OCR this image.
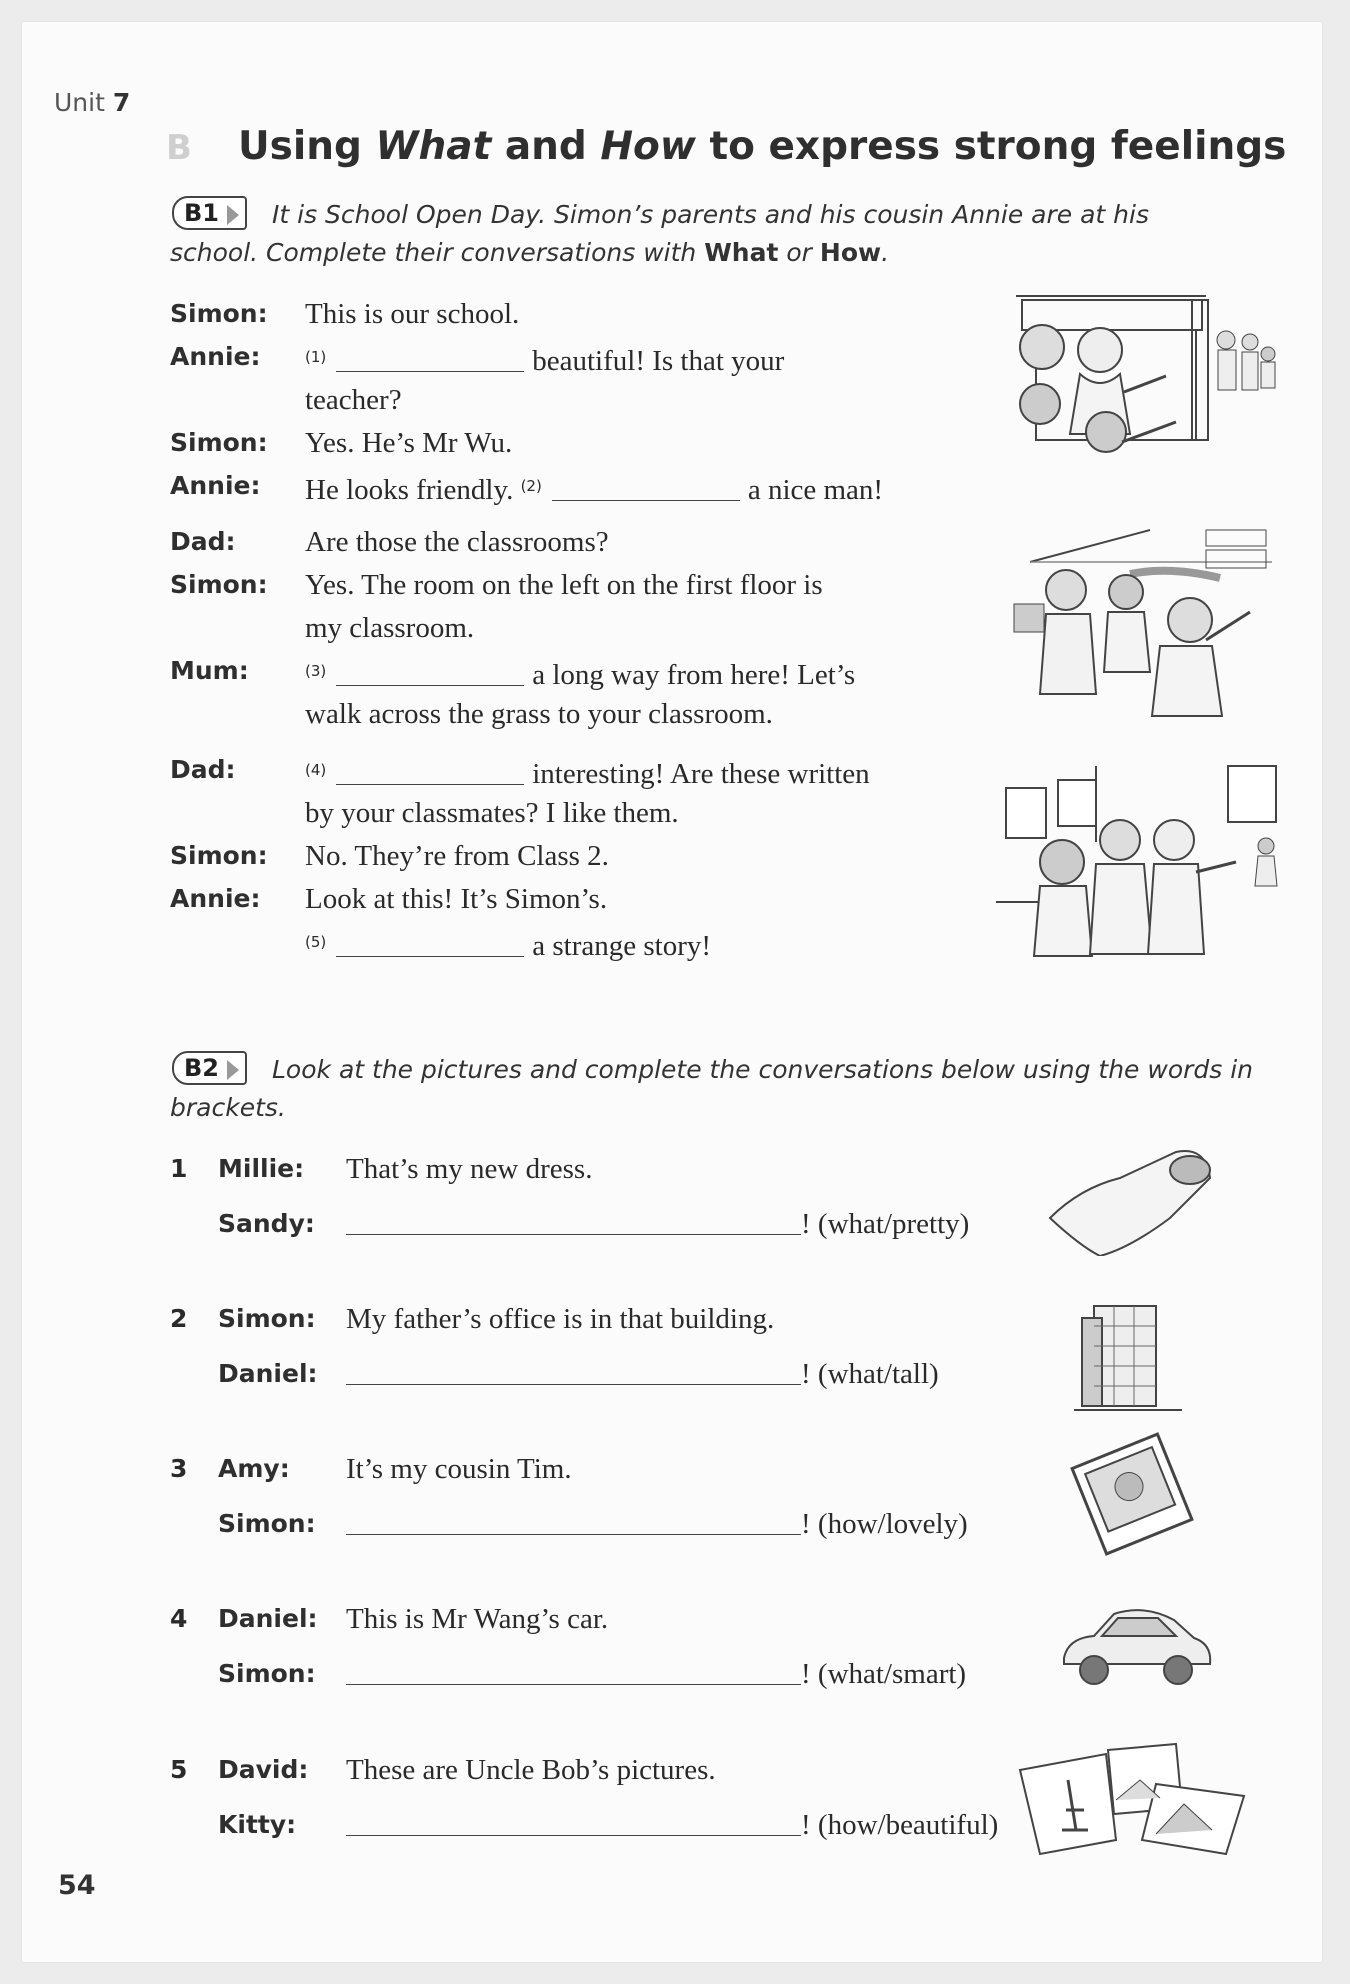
Unit 7
B Using What and How to express strong feelings
B1	It is School Open Day. Simon’s parents and his cousin Annie are at his
school. Complete their conversations with What or How.
Simon: This is our school.
Annie:	$^{(1)}$	beautiful! Is that your
teacher?
Simon: Yes. He’s Mr Wu.
Annie: He looks friendly. $^{(2)}$	a nice man!
Dad: Are those the classrooms?
Simon: Yes. The room on the left on the first floor is
my classroom.
Mum:	$^{(3)}$	a long way from here! Let’s
walk across the grass to your classroom.
Dad:	$^{(4)}$	interesting! Are these written
by your classmates? I like them.
Simon: No. They’re from Class 2.
Annie: Look at this! It’s Simon’s.
$^{(5)}$	a strange story!
B2	Look at the pictures and complete the conversations below using the words in
brackets.
1 Millie: That’s my new dress.
Sandy:	! (what/pretty)
2 Simon: My father’s office is in that building.
Daniel:	! (what/tall)
3 Amy: It’s my cousin Tim.
Simon:	! (how/lovely)
4 Daniel: This is Mr Wang’s car.
Simon:	! (what/smart)
5 David: These are Uncle Bob’s pictures.
Kitty:	! (how/beautiful)
54
